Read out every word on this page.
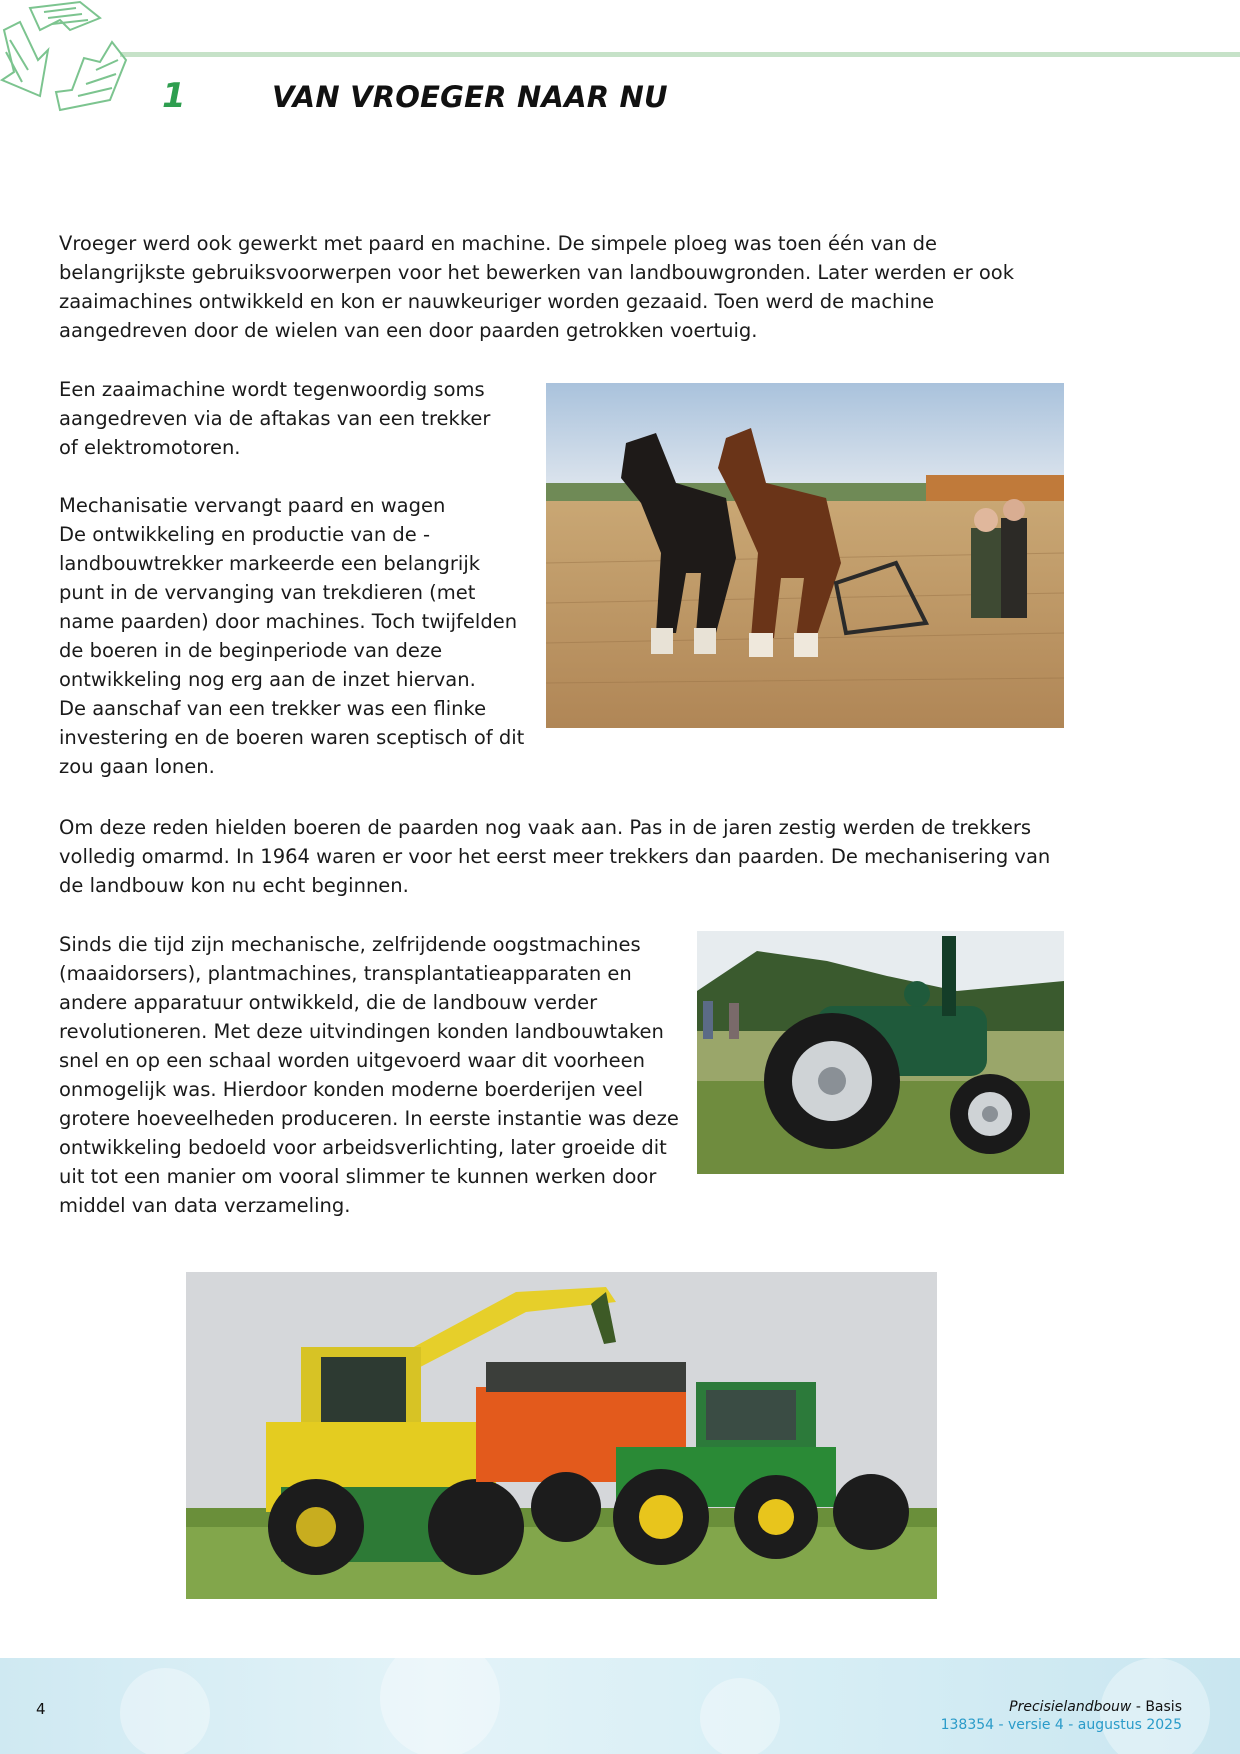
1	VAN VROEGER NAAR NU

Vroeger werd ook gewerkt met paard en machine. De simpele ploeg was toen één van de
belangrijkste gebruiksvoorwerpen voor het bewerken van landbouwgronden. Later werden er ook
zaaimachines ontwikkeld en kon er nauwkeuriger worden gezaaid. Toen werd de machine
aangedreven door de wielen van een door paarden getrokken voertuig.

Een zaaimachine wordt tegenwoordig soms
aangedreven via de aftakas van een trekker
of elektromotoren.

Mechanisatie vervangt paard en wagen

De ontwikkeling en productie van de -
landbouwtrekker markeerde een belangrijk
punt in de vervanging van trekdieren (met
name paarden) door machines. Toch twijfelden
de boeren in de beginperiode van deze
ontwikkeling nog erg aan de inzet hiervan.
De aanschaf van een trekker was een flinke
investering en de boeren waren sceptisch of dit
zou gaan lonen.

Om deze reden hielden boeren de paarden nog vaak aan. Pas in de jaren zestig werden de trekkers
volledig omarmd. In 1964 waren er voor het eerst meer trekkers dan paarden. De mechanisering van
de landbouw kon nu echt beginnen.

Sinds die tijd zijn mechanische, zelfrijdende oogstmachines
(maaidorsers), plantmachines, transplantatieapparaten en
andere apparatuur ontwikkeld, die de landbouw verder
revolutioneren. Met deze uitvindingen konden landbouwtaken
snel en op een schaal worden uitgevoerd waar dit voorheen
onmogelijk was. Hierdoor konden moderne boerderijen veel
grotere hoeveelheden produceren. In eerste instantie was deze
ontwikkeling bedoeld voor arbeidsverlichting, later groeide dit
uit tot een manier om vooral slimmer te kunnen werken door
middel van data verzameling.

4	Precisielandbouw - Basis
138354 - versie 4 - augustus 2025
